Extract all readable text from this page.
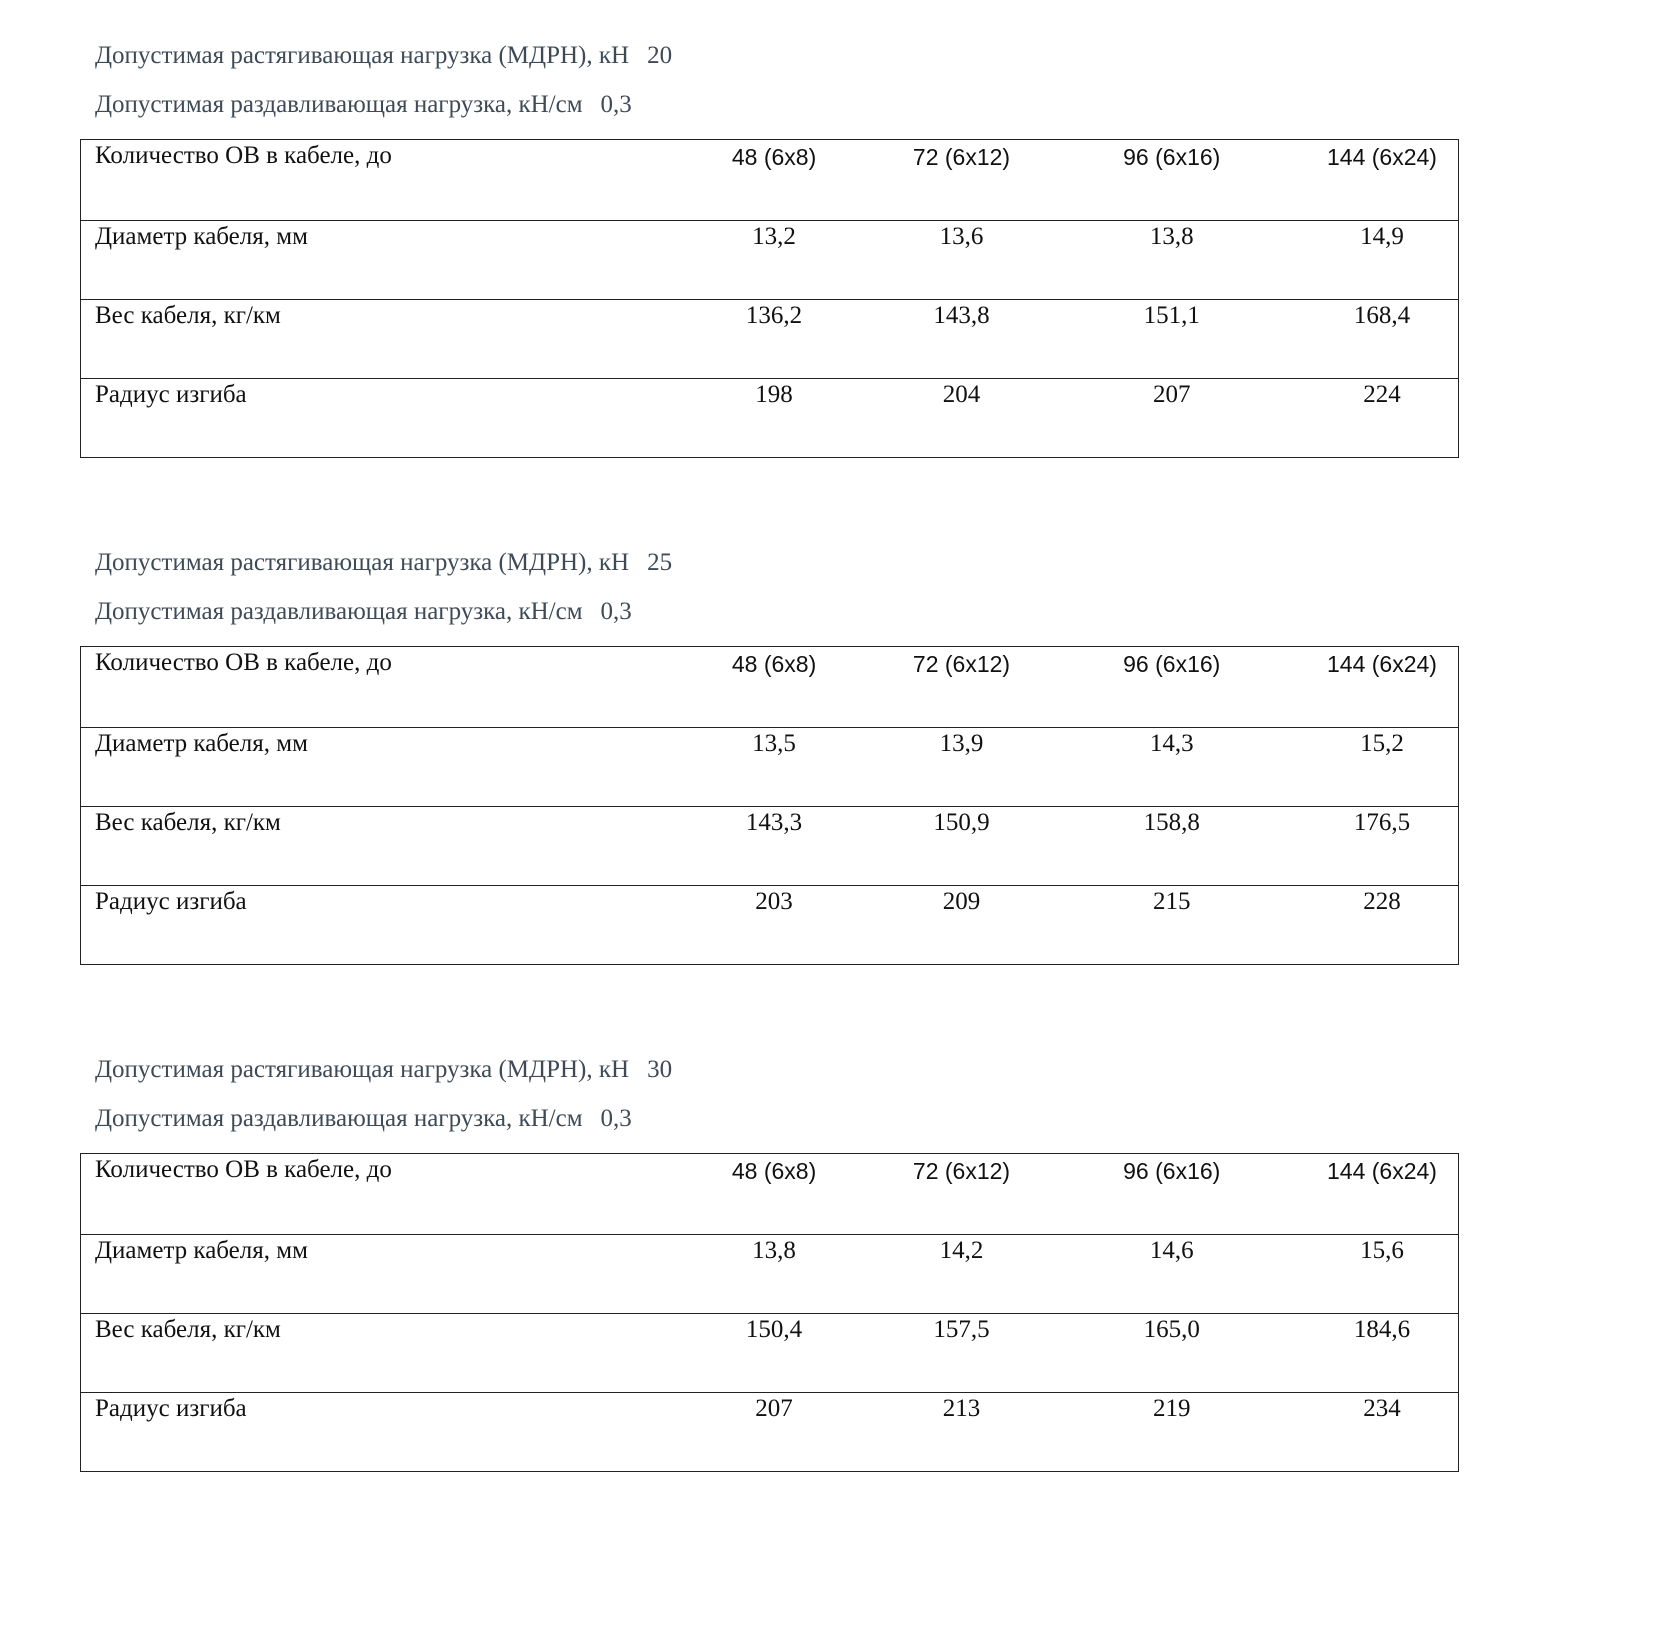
Допустимая растягивающая нагрузка (МДРН), кН 20
Допустимая раздавливающая нагрузка, кН/см 0,3
Количество ОВ в кабеле, до	48 (6x8)	72 (6x12)	96 (6x16)	144 (6x24)
Диаметр кабеля, мм	13,2	13,6	13,8	14,9
Вес кабеля, кг/км	136,2	143,8	151,1	168,4
Радиус изгиба	198	204	207	224
Допустимая растягивающая нагрузка (МДРН), кН 25
Допустимая раздавливающая нагрузка, кН/см 0,3
Количество ОВ в кабеле, до	48 (6x8)	72 (6x12)	96 (6x16)	144 (6x24)
Диаметр кабеля, мм	13,5	13,9	14,3	15,2
Вес кабеля, кг/км	143,3	150,9	158,8	176,5
Радиус изгиба	203	209	215	228
Допустимая растягивающая нагрузка (МДРН), кН 30
Допустимая раздавливающая нагрузка, кН/см 0,3
Количество ОВ в кабеле, до	48 (6x8)	72 (6x12)	96 (6x16)	144 (6x24)
Диаметр кабеля, мм	13,8	14,2	14,6	15,6
Вес кабеля, кг/км	150,4	157,5	165,0	184,6
Радиус изгиба	207	213	219	234
